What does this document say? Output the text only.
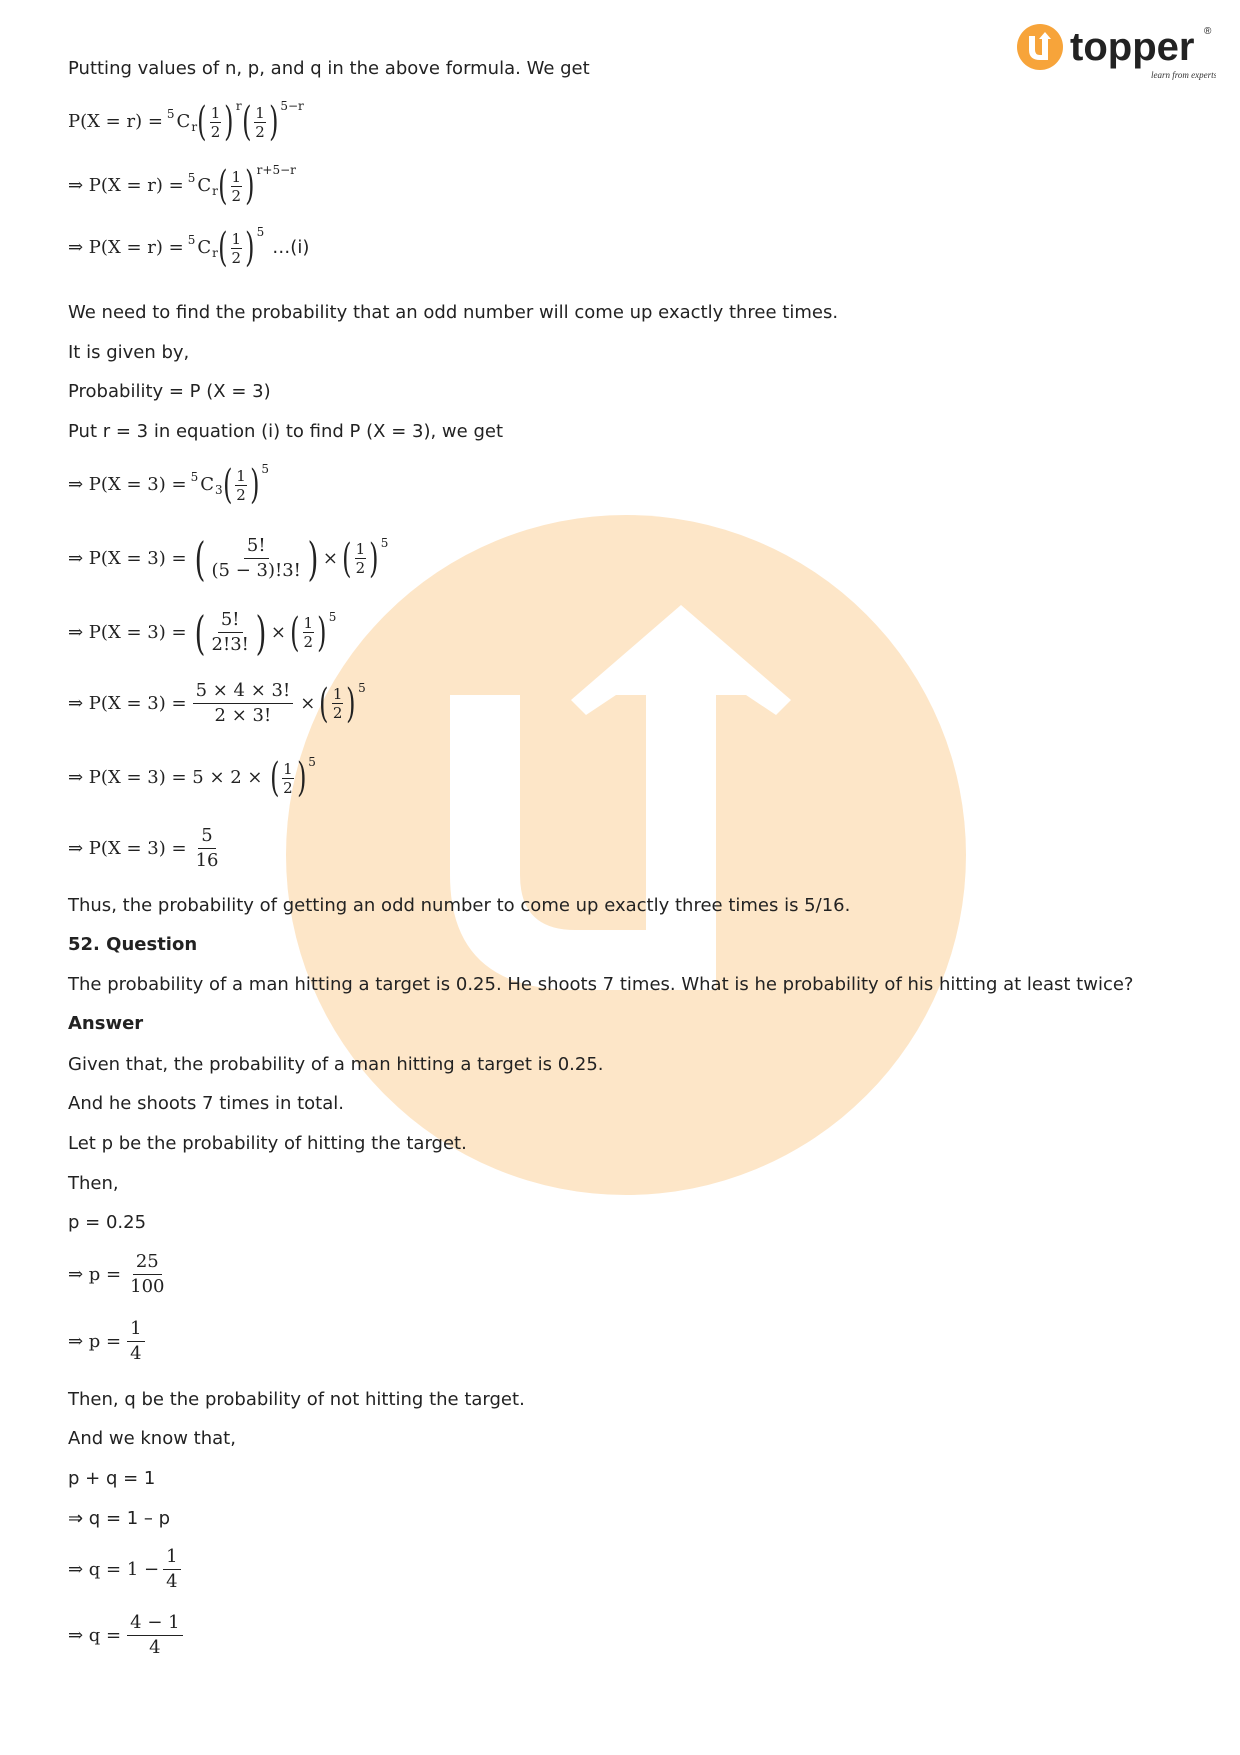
topper
learn from experts
®
Putting values of n, p, and q in the above formula. We get
P(X = r) = 5 C r ( $\frac{1}{2}$ ) r ( $\frac{1}{2}$ ) 5−r
⇒ P(X = r) = 5 C r ( $\frac{1}{2}$ ) r+5−r
⇒ P(X = r) = 5 C r ( $\frac{1}{2}$ ) 5
…(i)
We need to find the probability that an odd number will come up exactly three times.
It is given by,
Probability = P (X = 3)
Put r = 3 in equation (i) to find P (X = 3), we get
⇒ P(X = 3) = 5 C 3 ( $\frac{1}{2}$ ) 5
⇒ P(X = 3) = ( $\frac{5!}{(5 - 3)!3!}$ ) × ( $\frac{1}{2}$ ) 5
⇒ P(X = 3) = ( $\frac{5!}{2!3!}$ ) × ( $\frac{1}{2}$ ) 5
⇒ $P(X = 3) = \frac{5 \times 4 \times 3!}{2 \times 3!}$ × ( $\frac{1}{2}$ ) 5
⇒ P(X = 3) = 5 × 2 × ( $\frac{1}{2}$ ) 5
⇒ $P(X = 3) = \frac{5}{16}$
Thus, the probability of getting an odd number to come up exactly three times is 5/16.
52. Question
The probability of a man hitting a target is 0.25. He shoots 7 times. What is he probability of his hitting at least twice?
Answer
Given that, the probability of a man hitting a target is 0.25.
And he shoots 7 times in total.
Let p be the probability of hitting the target.
Then,
p = 0.25
⇒ $p = \frac{25}{100}$
⇒ $p = \frac{1}{4}$
Then, q be the probability of not hitting the target.
And we know that,
p + q = 1
⇒ q = 1 – p
⇒ $q = 1 - \frac{1}{4}$
⇒ $q = \frac{4 - 1}{4}$
